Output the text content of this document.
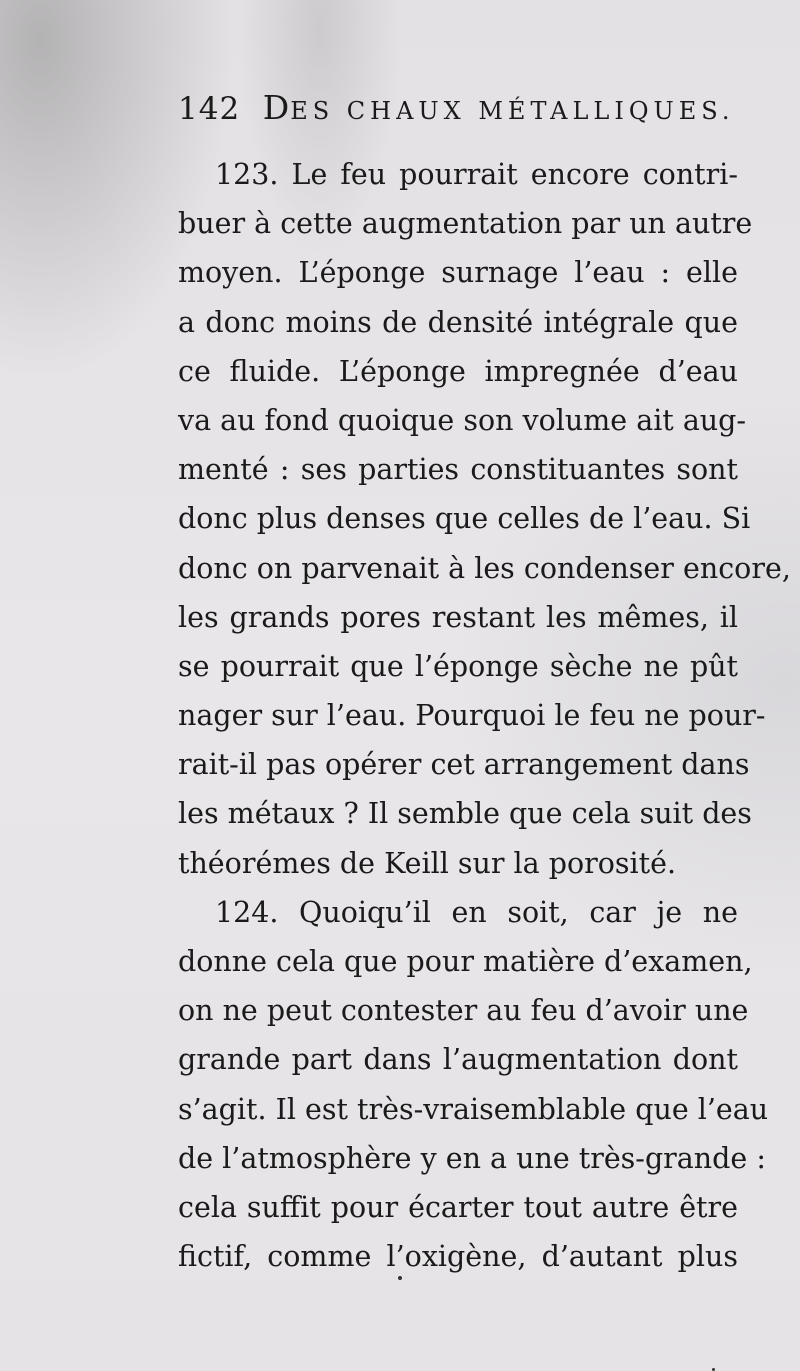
142 DES CHAUX MÉTALLIQUES.
123. Le feu pourrait encore contri-
buer à cette augmentation par un autre
moyen. L’éponge surnage l’eau : elle
a donc moins de densité intégrale que
ce fluide. L’éponge impregnée d’eau
va au fond quoique son volume ait aug-
menté : ses parties constituantes sont
donc plus denses que celles de l’eau. Si
donc on parvenait à les condenser encore,
les grands pores restant les mêmes, il
se pourrait que l’éponge sèche ne pût
nager sur l’eau. Pourquoi le feu ne pour-
rait-il pas opérer cet arrangement dans
les métaux ? Il semble que cela suit des
théorémes de Keill sur la porosité.
124. Quoiqu’il en soit, car je ne
donne cela que pour matière d’examen,
on ne peut contester au feu d’avoir une
grande part dans l’augmentation dont
s’agit. Il est très-vraisemblable que l’eau
de l’atmosphère y en a une très-grande :
cela suffit pour écarter tout autre être
fictif, comme l’oxigène, d’autant plus
